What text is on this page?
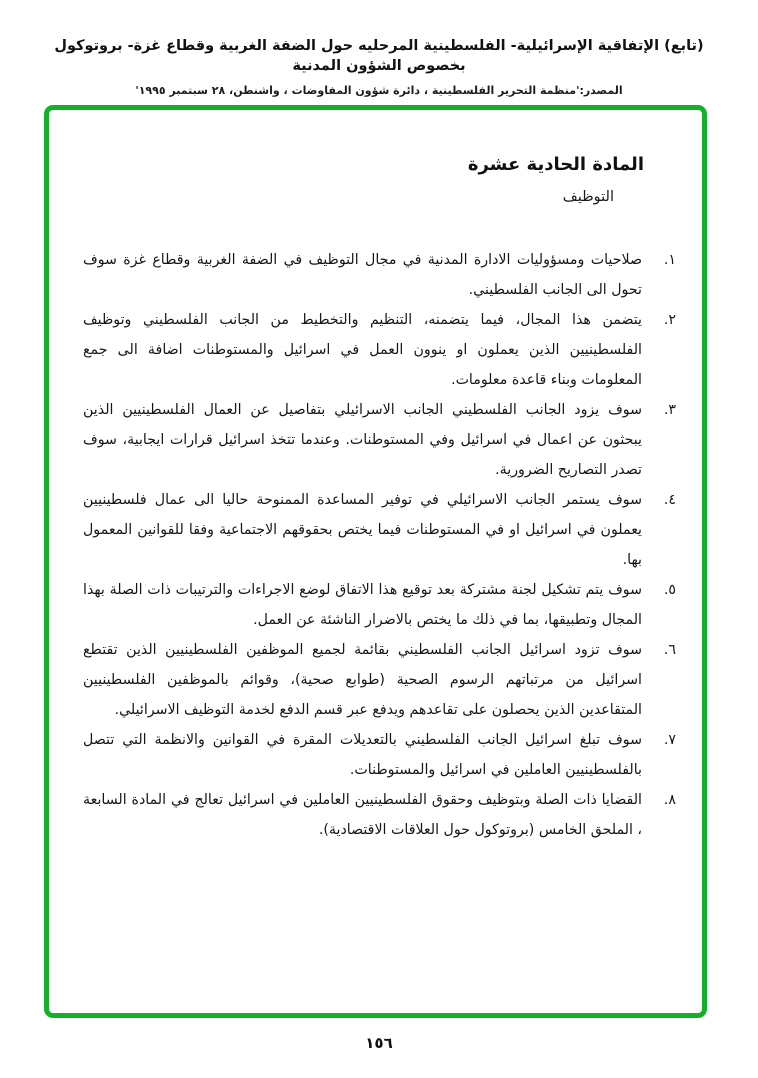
(تابع) الإتفاقية الإسرائيلية- الفلسطينية المرحليه حول الضفة الغربية وقطاع غزة- بروتوكول بخصوص الشؤون المدنية
المصدر:'منظمة التحرير الفلسطينية ، دائرة شؤون المفاوضات ، واشنطن، ٢٨ سبتمبر ١٩٩٥'
المادة الحادية عشرة
التوظيف
١.
صلاحيات ومسؤوليات الادارة المدنية في مجال التوظيف في الضفة الغربية وقطاع غزة سوف تحول الى الجانب الفلسطيني.
٢.
يتضمن هذا المجال، فيما يتضمنه، التنظيم والتخطيط من الجانب الفلسطيني وتوظيف الفلسطينيين الذين يعملون او ينوون العمل في اسرائيل والمستوطنات اضافة الى جمع المعلومات وبناء قاعدة معلومات.
٣.
سوف يزود الجانب الفلسطيني الجانب الاسرائيلي بتفاصيل عن العمال الفلسطينيين الذين يبحثون عن اعمال في اسرائيل وفي المستوطنات. وعندما تتخذ اسرائيل قرارات ايجابية، سوف تصدر التصاريح الضرورية.
٤.
سوف يستمر الجانب الاسرائيلي في توفير المساعدة الممنوحة حاليا الى عمال فلسطينيين يعملون في اسرائيل او في المستوطنات فيما يختص بحقوقهم الاجتماعية وفقا للقوانين المعمول بها.
٥.
سوف يتم تشكيل لجنة مشتركة بعد توقيع هذا الاتفاق لوضع الاجراءات والترتيبات ذات الصلة بهذا المجال وتطبيقها، بما في ذلك ما يختص بالاضرار الناشئة عن العمل.
٦.
سوف تزود اسرائيل الجانب الفلسطيني بقائمة لجميع الموظفين الفلسطينيين الذين تقتطع اسرائيل من مرتباتهم الرسوم الصحية (طوابع صحية)، وقوائم بالموظفين الفلسطينيين المتقاعدين الذين يحصلون على تقاعدهم ويدفع عبر قسم الدفع لخدمة التوظيف الاسرائيلي.
٧.
سوف تبلغ اسرائيل الجانب الفلسطيني بالتعديلات المقرة في القوانين والانظمة التي تتصل بالفلسطينيين العاملين في اسرائيل والمستوطنات.
٨.
القضايا ذات الصلة وبتوظيف وحقوق الفلسطينيين العاملين في اسرائيل تعالج في المادة السابعة ، الملحق الخامس (بروتوكول حول العلاقات الاقتصادية).
١٥٦
